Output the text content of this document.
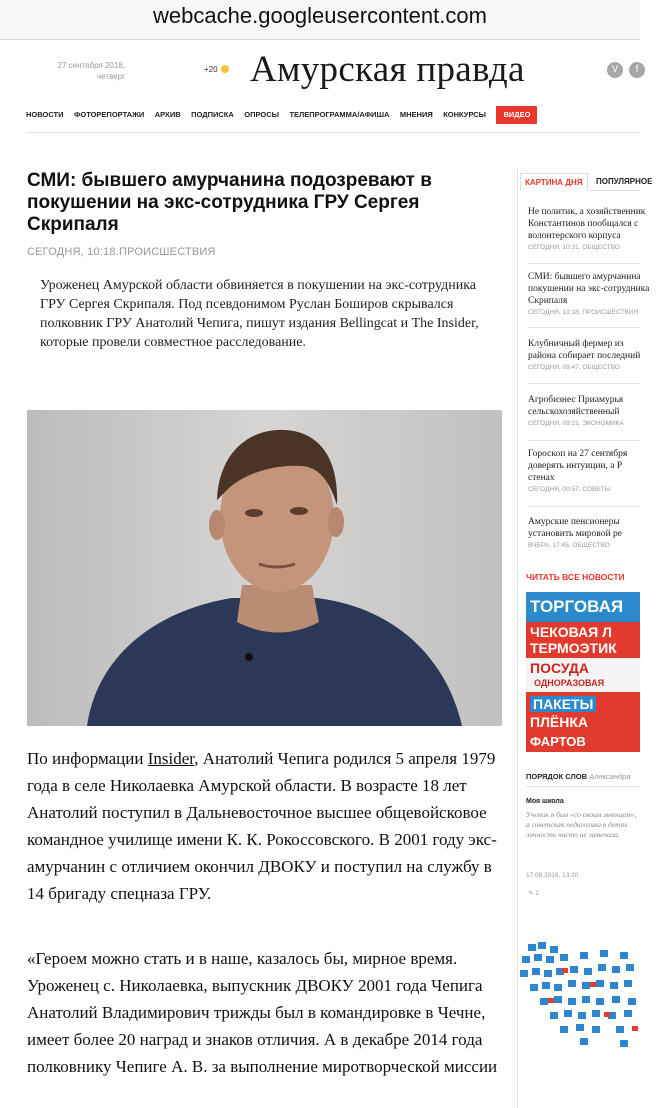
webcache.googleusercontent.com
27 сентября 2018,
четверг
+20 Амурская правда	V	f
НОВОСТИ ФОТОРЕПОРТАЖИ АРХИВ ПОДПИСКА ОПРОСЫ ТЕЛЕПРОГРАММА/АФИША МНЕНИЯ КОНКУРСЫ ВИДЕО
СМИ: бывшего амурчанина подозревают в покушении на экс-сотрудника ГРУ Сергея Скрипаля
СЕГОДНЯ, 10:18.ПРОИСШЕСТВИЯ

Уроженец Амурской области обвиняется в покушении на экс-сотрудника ГРУ Сергея Скрипаля. Под псевдонимом Руслан Боширов скрывался полковник ГРУ Анатолий Чепига, пишут издания Bellingcat и The Insider, которые провели совместное расследование.

По информации Insider, Анатолий Чепига родился 5 апреля 1979 года в селе Николаевка Амурской области. В возрасте 18 лет Анатолий поступил в Дальневосточное высшее общевойсковое командное училище имени К. К. Рокоссовского. В 2001 году экс-амурчанин с отличием окончил ДВОКУ и поступил на службу в 14 бригаду спецназа ГРУ.

«Героем можно стать и в наше, казалось бы, мирное время. Уроженец с. Николаевка, выпускник ДВОКУ 2001 года Чепига Анатолий Владимирович трижды был в командировке в Чечне, имеет более 20 наград и знаков отличия. А в декабре 2014 года полковнику Чепиге А. В. за выполнение миротворческой миссии

КАРТИНА ДНЯ	ПОПУЛЯРНОЕ
Не политик, а хозяйственник
Константинов пообщался с
волонтерского корпуса
СЕГОДНЯ, 10:31, ОБЩЕСТВО
СМИ: бывшего амурчанина
покушении на экс-сотрудника
Скрипаля
СЕГОДНЯ, 10:18, ПРОИСШЕСТВИЯ
Клубничный фермер из
района собирает последний
СЕГОДНЯ, 09:47, ОБЩЕСТВО
Агробизнес Приамурья
сельскохозяйственный
СЕГОДНЯ, 09:21, ЭКОНОМИКА
Гороскоп на 27 сентября
доверять интуиции, а Р
стенах
СЕГОДНЯ, 00:57, СОВЕТЫ
Амурские пенсионеры
установить мировой ре
ВЧЕРА, 17:45, ОБЩЕСТВО
ЧИТАТЬ ВСЕ НОВОСТИ
ТОРГОВАЯ
ЧЕКОВАЯ Л
ТЕРМОЭТИК
ПОСУДА
ОДНОРАЗОВАЯ
ПАКЕТЫ
ПЛЁНКА
ФАРТОВ
ПОРЯДОК СЛОВ Александра
Моя школа
Ученик я был «со своим мнением», а советская педагогика в детях личность часто не замечала.
17.09.2018, 13:20
✎ 1
